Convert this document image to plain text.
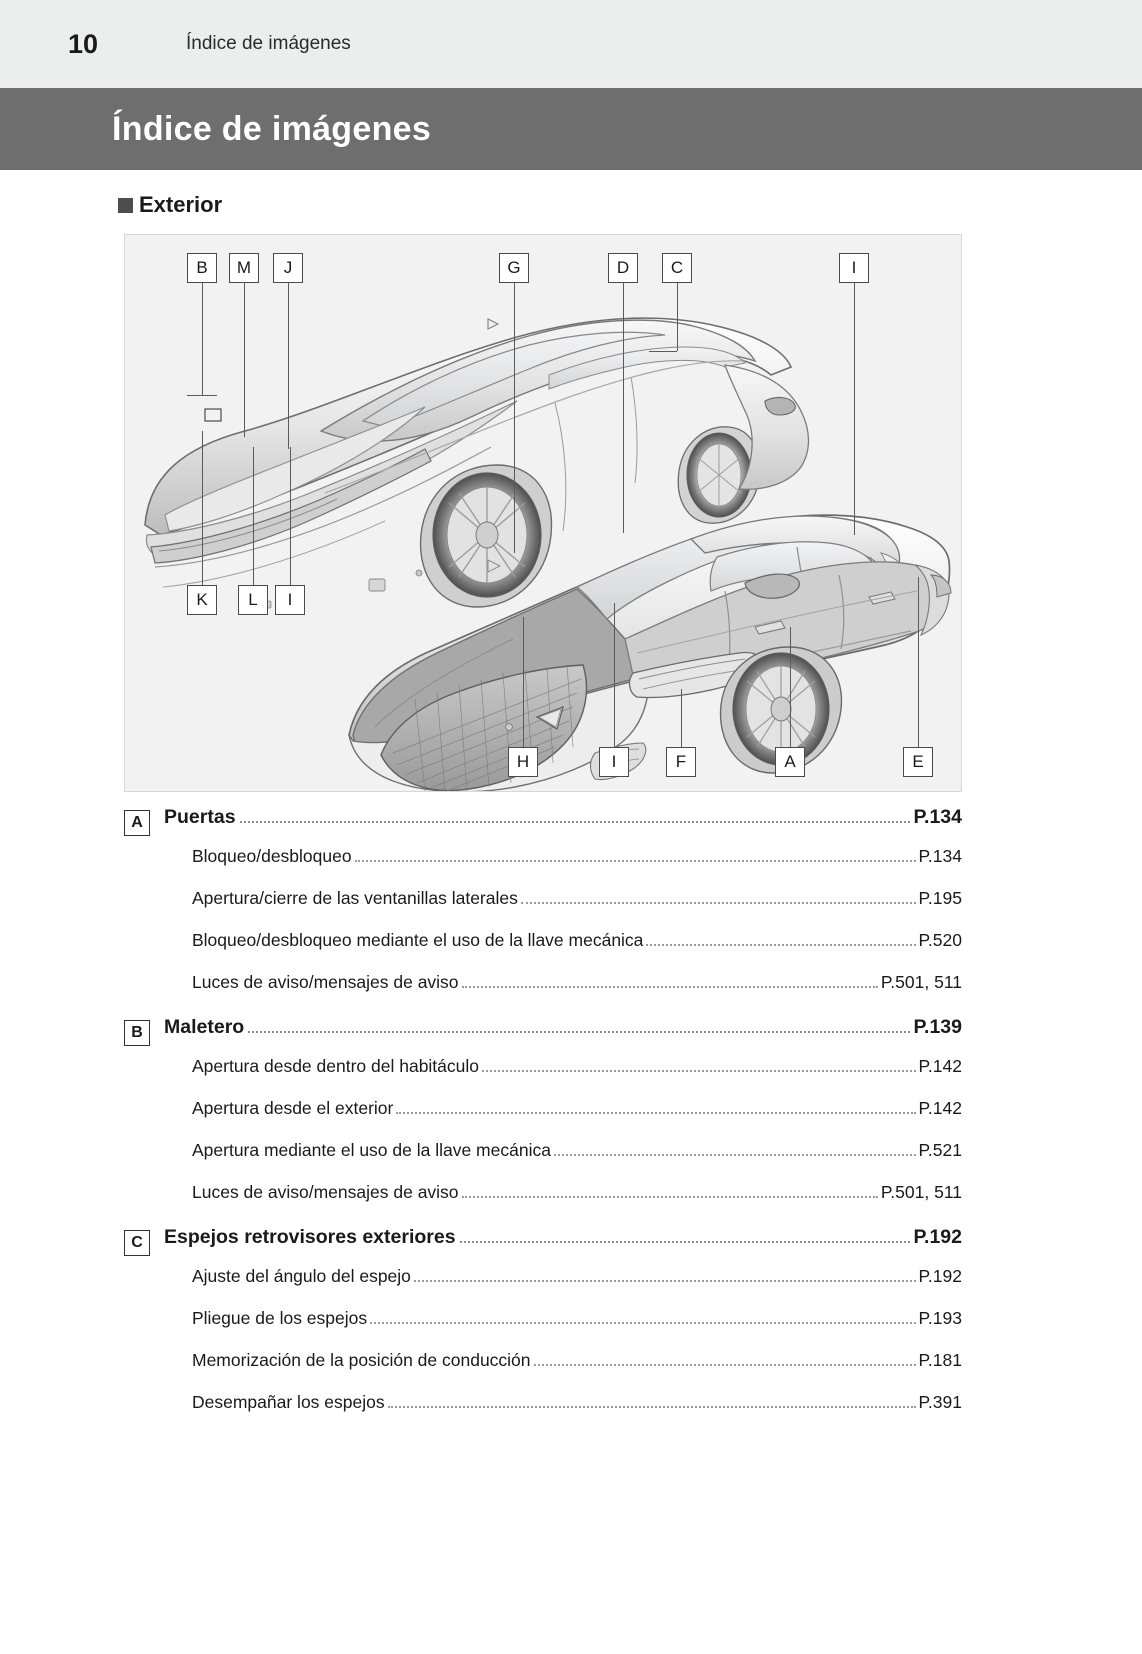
10	Índice de imágenes
Índice de imágenes
Exterior
B	M	J	G	D	C	I
K	L	I
H	I	F	A	E
A	Puertas	P.134
Bloqueo/desbloqueo	P.134
Apertura/cierre de las ventanillas laterales	P.195
Bloqueo/desbloqueo mediante el uso de la llave mecánica	P.520
Luces de aviso/mensajes de aviso	P.501, 511
B	Maletero	P.139
Apertura desde dentro del habitáculo	P.142
Apertura desde el exterior	P.142
Apertura mediante el uso de la llave mecánica	P.521
Luces de aviso/mensajes de aviso	P.501, 511
C	Espejos retrovisores exteriores	P.192
Ajuste del ángulo del espejo	P.192
Pliegue de los espejos	P.193
Memorización de la posición de conducción	P.181
Desempañar los espejos	P.391
